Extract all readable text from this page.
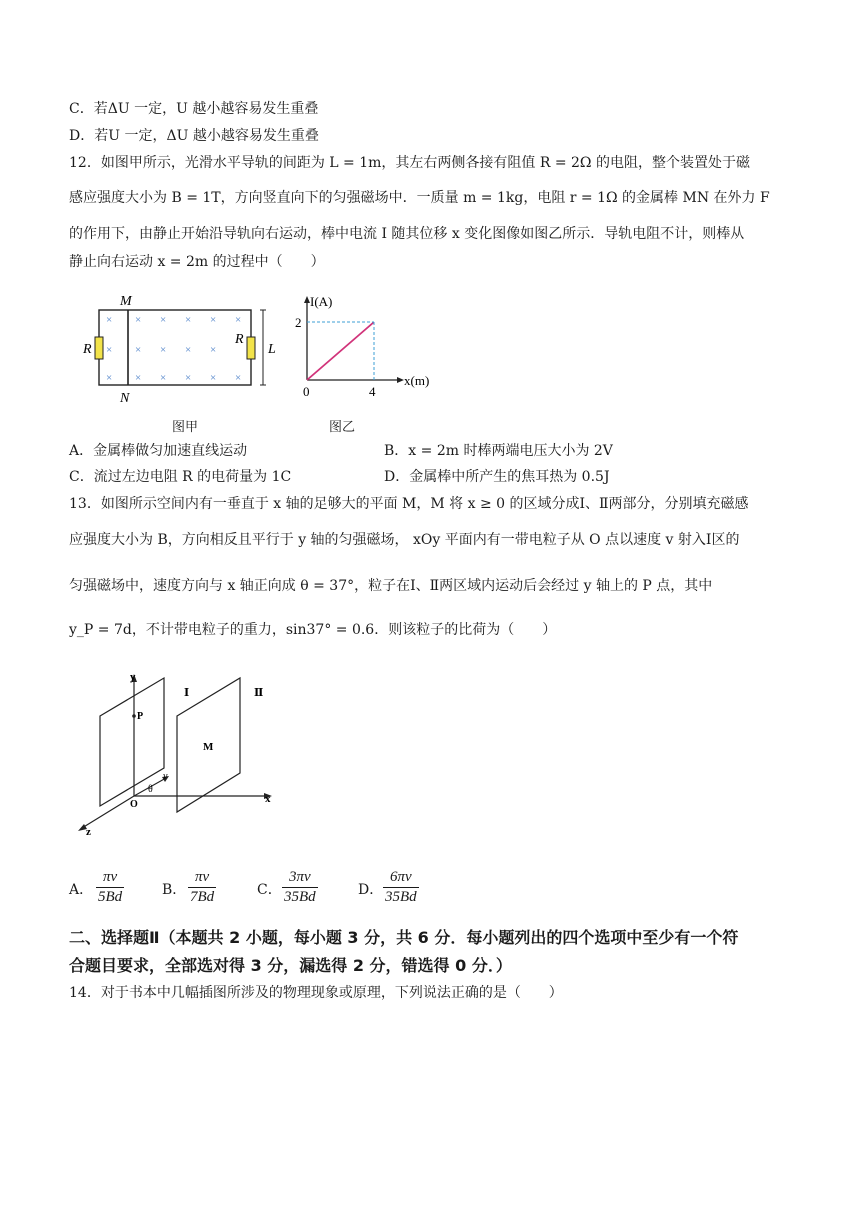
C．若ΔU 一定，U 越小越容易发生重叠
D．若U 一定，ΔU 越小越容易发生重叠
12．如图甲所示，光滑水平导轨的间距为 L = 1m，其左右两侧各接有阻值 R = 2Ω 的电阻，整个装置处于磁
感应强度大小为 B = 1T，方向竖直向下的匀强磁场中．一质量 m = 1kg，电阻 r = 1Ω 的金属棒 MN 在外力 F
的作用下，由静止开始沿导轨向右运动，棒中电流 I 随其位移 x 变化图像如图乙所示．导轨电阻不计，则棒从
静止向右运动 x = 2m 的过程中（　　）
L
M
N
R
R
×
×
×
× × × × ×
× × × ×
× × × × ×
图甲
I(A)
x(m)
2
4
0
图乙
A．金属棒做匀加速直线运动	B．x = 2m 时棒两端电压大小为 2V
C．流过左边电阻 R 的电荷量为 1C	D．金属棒中所产生的焦耳热为 0.5J
13．如图所示空间内有一垂直于 x 轴的足够大的平面 M，M 将 x ≥ 0 的区域分成Ⅰ、Ⅱ两部分，分别填充磁感
应强度大小为 B，方向相反且平行于 y 轴的匀强磁场， xOy 平面内有一带电粒子从 O 点以速度 v 射入Ⅰ区的
匀强磁场中，速度方向与 x 轴正向成 θ = 37°，粒子在Ⅰ、Ⅱ两区域内运动后会经过 y 轴上的 P 点，其中
y_P = 7d，不计带电粒子的重力，sin37° = 0.6．则该粒子的比荷为（　　）
y
x
z
P
O
M
v
θ
Ⅰ	Ⅱ
A．
πv
5Bd	B．
πv
7Bd	C．
3πv
35Bd	D．
6πv
35Bd
二、选择题Ⅱ（本题共 2 小题，每小题 3 分，共 6 分．每小题列出的四个选项中至少有一个符
合题目要求，全部选对得 3 分，漏选得 2 分，错选得 0 分．）
14．对于书本中几幅插图所涉及的物理现象或原理，下列说法正确的是（　　）
